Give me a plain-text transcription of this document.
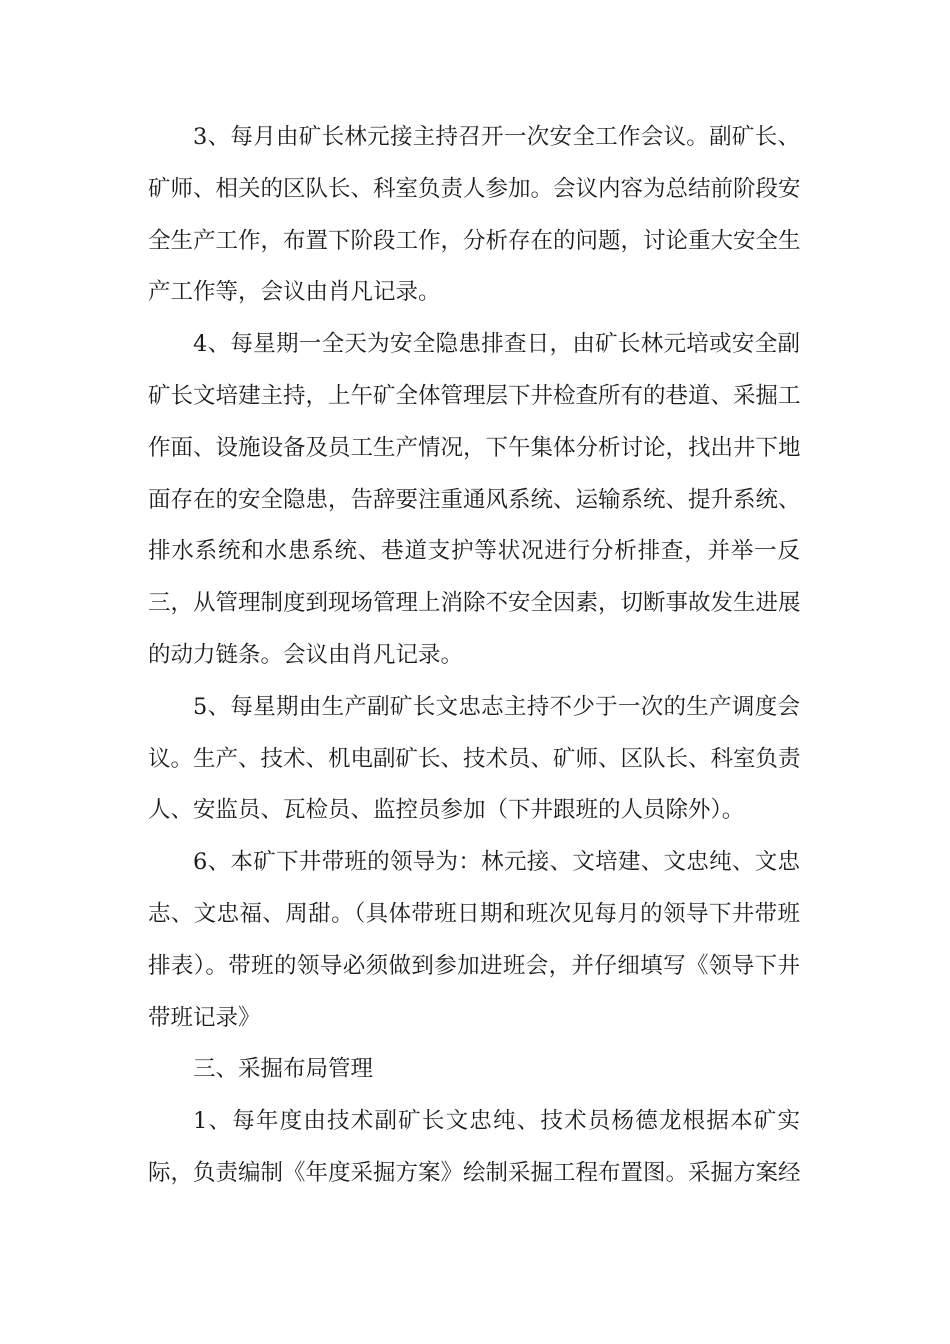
3、每月由矿长林元接主持召开一次安全工作会议。副矿长、
矿师、相关的区队长、科室负责人参加。会议内容为总结前阶段安
全生产工作，布置下阶段工作，分析存在的问题，讨论重大安全生
产工作等，会议由肖凡记录。
4、每星期一全天为安全隐患排查日，由矿长林元培或安全副
矿长文培建主持，上午矿全体管理层下井检查所有的巷道、采掘工
作面、设施设备及员工生产情况，下午集体分析讨论，找出井下地
面存在的安全隐患，告辞要注重通风系统、运输系统、提升系统、
排水系统和水患系统、巷道支护等状况进行分析排查，并举一反
三，从管理制度到现场管理上消除不安全因素，切断事故发生进展
的动力链条。会议由肖凡记录。
5、每星期由生产副矿长文忠志主持不少于一次的生产调度会
议。生产、技术、机电副矿长、技术员、矿师、区队长、科室负责
人、安监员、瓦检员、监控员参加（下井跟班的人员除外）。
6、本矿下井带班的领导为：林元接、文培建、文忠纯、文忠
志、文忠福、周甜。（具体带班日期和班次见每月的领导下井带班
排表）。带班的领导必须做到参加进班会，并仔细填写《领导下井
带班记录》
三、采掘布局管理
1、每年度由技术副矿长文忠纯、技术员杨德龙根据本矿实
际，负责编制《年度采掘方案》绘制采掘工程布置图。采掘方案经
